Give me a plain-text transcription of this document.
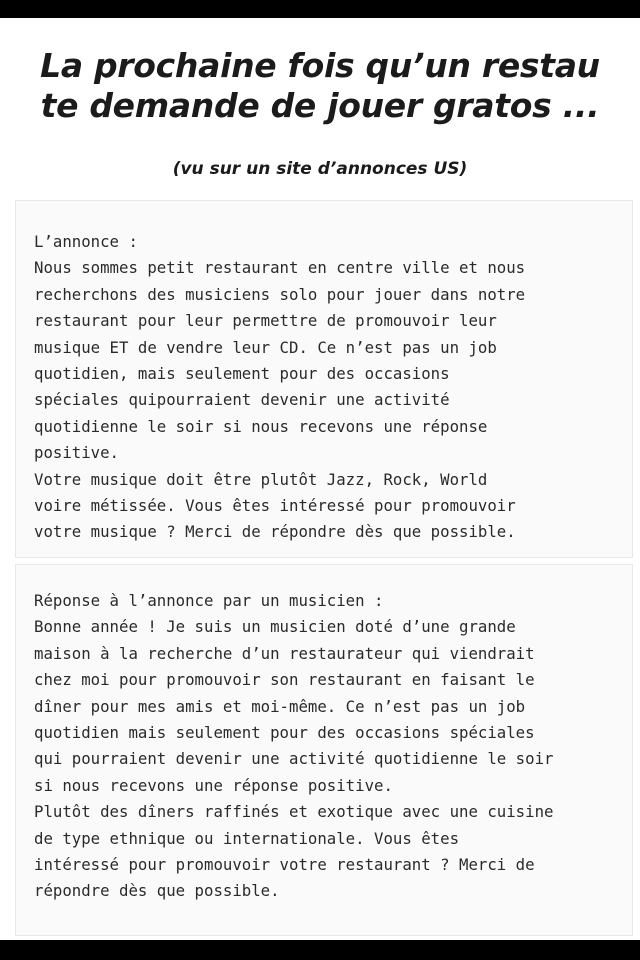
La prochaine fois qu’un restau
te demande de jouer gratos ...
(vu sur un site d’annonces US)
L’annonce :
Nous sommes petit restaurant en centre ville et nous
recherchons des musiciens solo pour jouer dans notre
restaurant pour leur permettre de promouvoir leur
musique ET de vendre leur CD. Ce n’est pas un job
quotidien, mais seulement pour des occasions
spéciales quipourraient devenir une activité
quotidienne le soir si nous recevons une réponse
positive.
Votre musique doit être plutôt Jazz, Rock, World
voire métissée. Vous êtes intéressé pour promouvoir
votre musique ? Merci de répondre dès que possible.
Réponse à l’annonce par un musicien :
Bonne année ! Je suis un musicien doté d’une grande
maison à la recherche d’un restaurateur qui viendrait
chez moi pour promouvoir son restaurant en faisant le
dîner pour mes amis et moi-même. Ce n’est pas un job
quotidien mais seulement pour des occasions spéciales
qui pourraient devenir une activité quotidienne le soir
si nous recevons une réponse positive.
Plutôt des dîners raffinés et exotique avec une cuisine
de type ethnique ou internationale. Vous êtes
intéressé pour promouvoir votre restaurant ? Merci de
répondre dès que possible.
